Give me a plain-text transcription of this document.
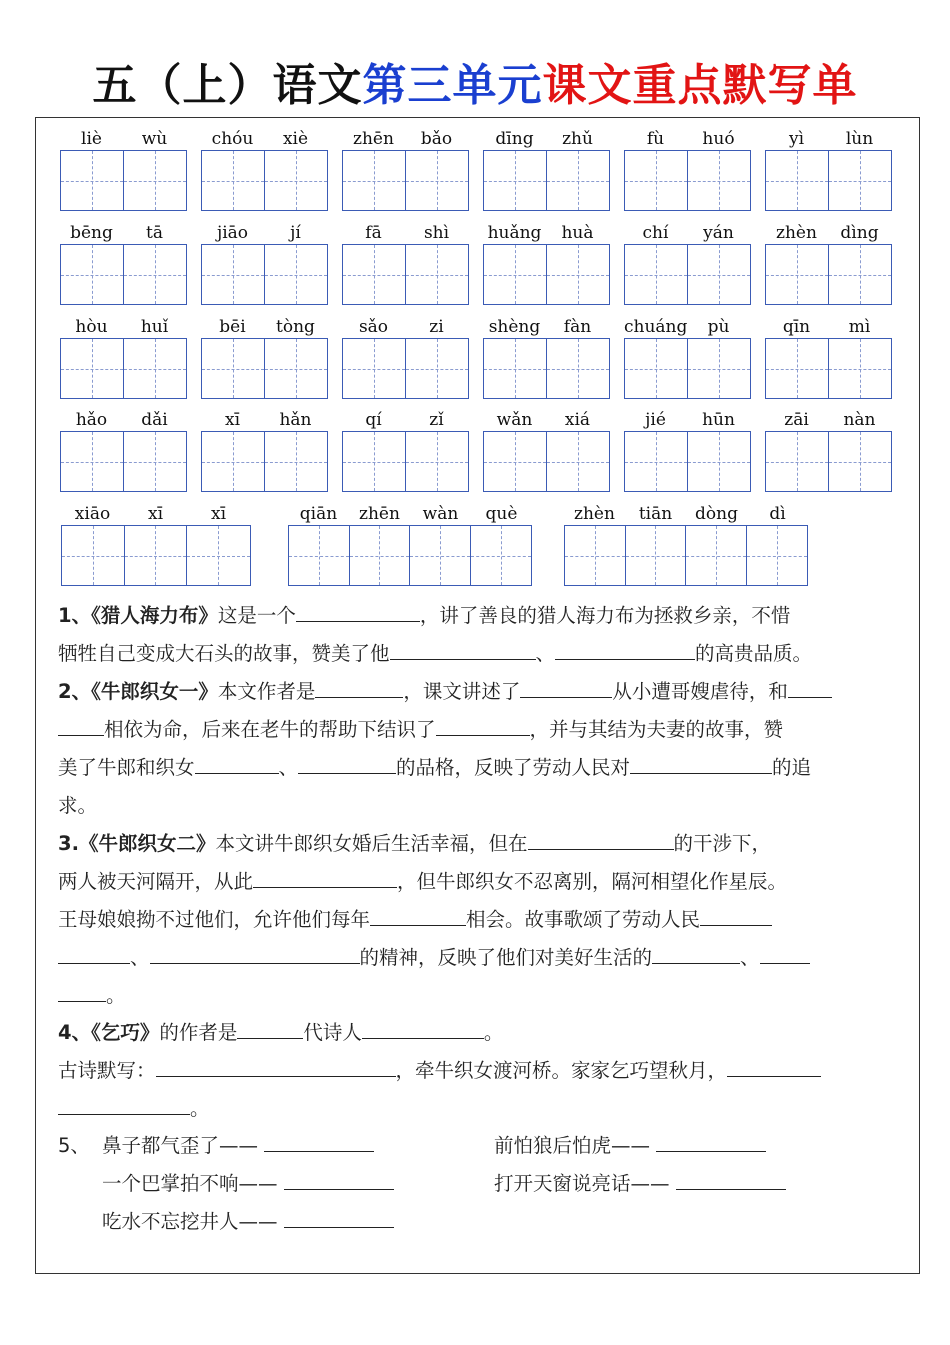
五（上）语文第三单元课文重点默写单
liè	wù	chóu	xiè	zhēn	bǎo	dīng	zhǔ	fù	huó	yì	lùn
bēng	tā	jiāo	jí	fā	shì	huǎng	huà	chí	yán	zhèn	dìng
hòu	huǐ	bēi	tòng	sǎo	zi	shèng	fàn	chuáng	pù	qīn	mì
hǎo	dǎi	xī	hǎn	qí	zǐ	wǎn	xiá	jié	hūn	zāi	nàn
xiāo	xī	xī	qiān	zhēn	wàn	què	zhèn	tiān	dòng	dì
1、《猎人海力布》这是一个	，讲了善良的猎人海力布为拯救乡亲，不惜
牺牲自己变成大石头的故事，赞美了他	、	的高贵品质。
2、《牛郎织女一》本文作者是	，课文讲述了	从小遭哥嫂虐待，和
相依为命，后来在老牛的帮助下结识了	，并与其结为夫妻的故事，赞
美了牛郎和织女	、	的品格，反映了劳动人民对	的追
求。
3.《牛郎织女二》本文讲牛郎织女婚后生活幸福，但在	的干涉下，
两人被天河隔开，从此	，但牛郎织女不忍离别，隔河相望化作星辰。
王母娘娘拗不过他们，允许他们每年	相会。故事歌颂了劳动人民
、	的精神，反映了他们对美好生活的	、
。
4、《乞巧》的作者是	代诗人	。
古诗默写：	，牵牛织女渡河桥。家家乞巧望秋月，
。
5、 鼻子都气歪了——	前怕狼后怕虎——
一个巴掌拍不响——	打开天窗说亮话——
吃水不忘挖井人——
